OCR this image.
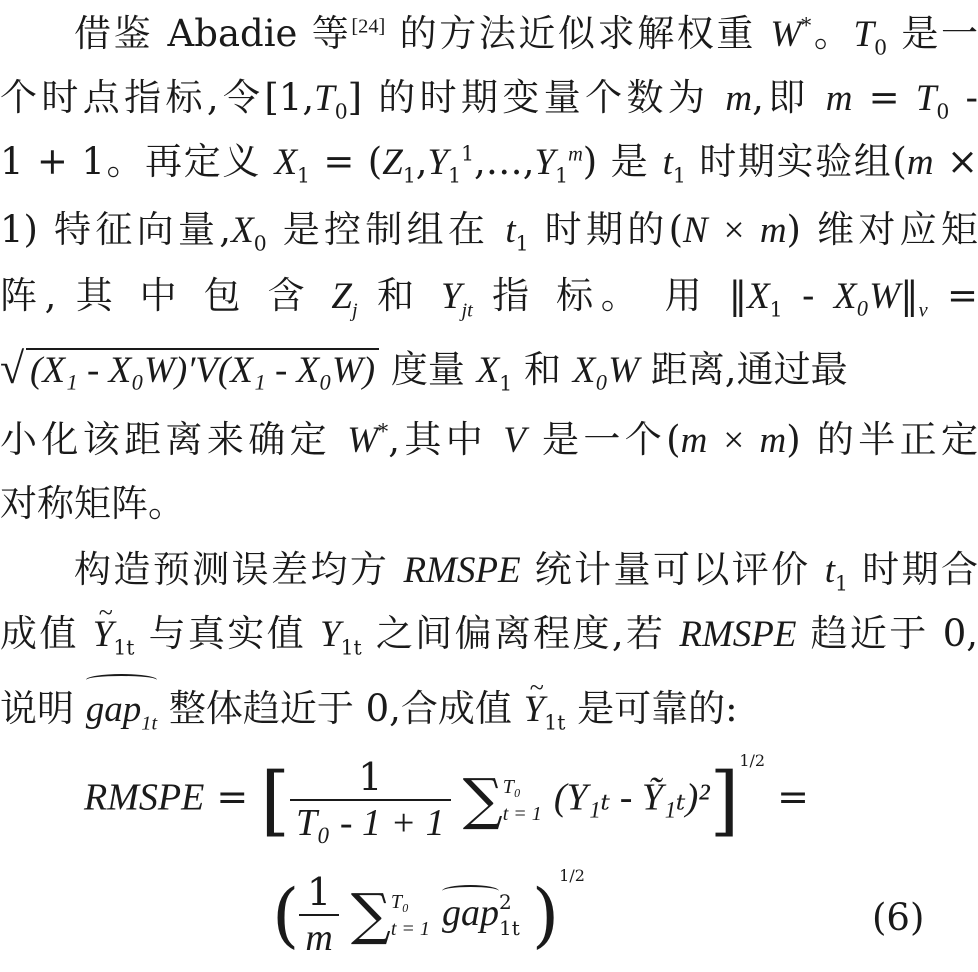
借鉴 Abadie 等[24] 的方法近似求解权重 W*。$T_0$ 是一
个时点指标,令$[1,T_0]$ 的时期变量个数为 m,即 $m = T_0$ -
1 + 1。再定义 $X_1$ = $(Z_1,Y_1^1,\dots,Y_1^m)$ 是 $t_1$ 时期实验组(m ×
1) 特征向量$,X_0$ 是控制组在 $t_1$ 时期的(N × m) 维对应矩
阵, 其 中 包 含 $Z_j$ 和 $Y_{jt}$ 指 标。 用 $‖X_1$ - $X_0W‖_v$ =
√ (X₁ - X₀W)′V(X₁ - X₀W) 度量 $X_1$ 和 X₀W 距离,通过最
小化该距离来确定 W*,其中 V 是一个(m × m) 的半正定
对称矩阵。
构造预测误差均方 RMSPE 统计量可以评价 $t_1$ 时期合
成值 ~ $Y_{1t}$ 与真实值 $Y_{1t}$ 之间偏离程度,若 RMSPE 趋近于 0,
说明 gap$_{1t}$ 整体趋近于 0,合成值 ~ $Y_{1t}$ 是可靠的:
RMSPE = [ $\frac{1}{\text{T₀ - 1 + 1}} \sum T_0$
t = 1 (Y₁ₜ - Ỹ₁ₜ)²]$^{1/2}$ =
( $\frac{1}{m} \sum T_0$
t = 1 gap2
1t )$^{1/2}$
(6)
